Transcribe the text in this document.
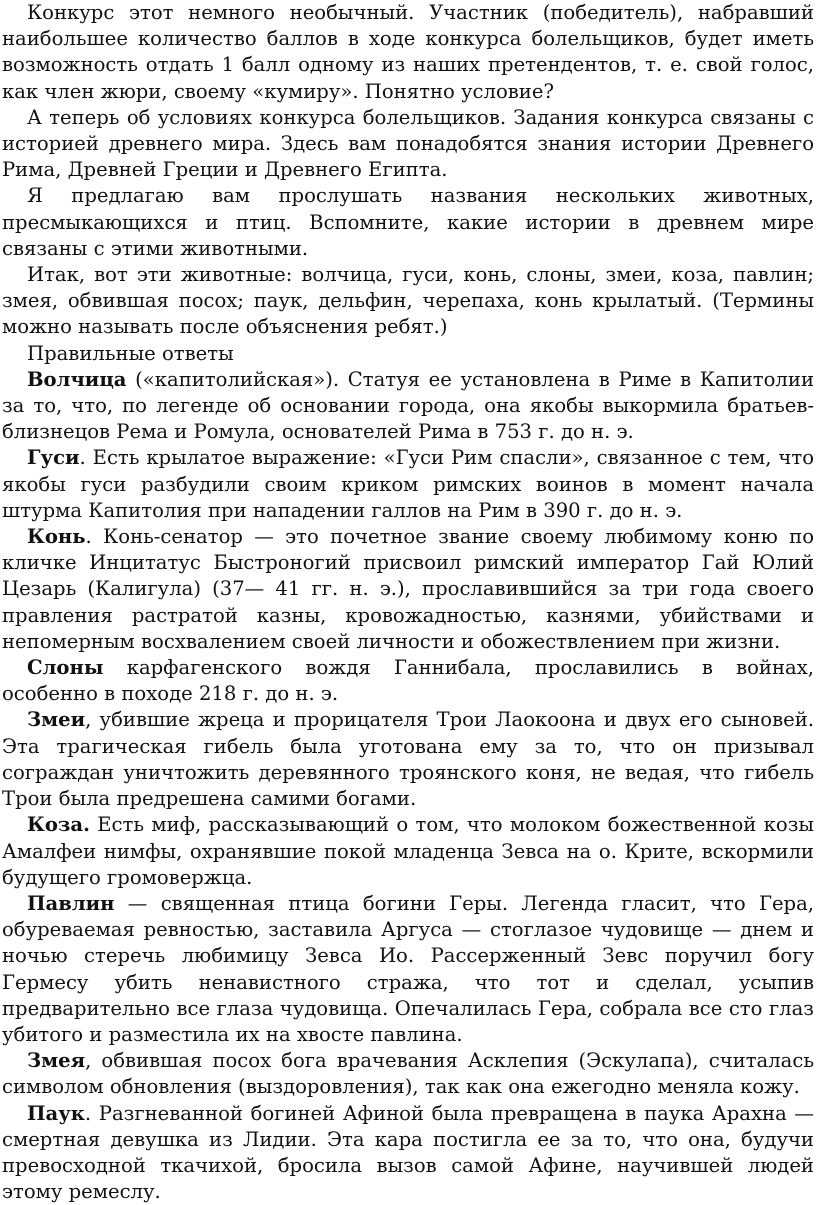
Конкурс этот немного необычный. Участник (победитель), набравший наибольшее количество баллов в ходе конкурса болельщиков, будет иметь возможность отдать 1 балл одному из наших претендентов, т. е. свой голос, как член жюри, своему «кумиру». Понятно условие?

А теперь об условиях конкурса болельщиков. Задания конкурса связаны с историей древнего мира. Здесь вам понадобятся знания истории Древнего Рима, Древней Греции и Древнего Египта.

Я предлагаю вам прослушать названия нескольких животных, пресмыкающихся и птиц. Вспомните, какие истории в древнем мире связаны с этими животными.

Итак, вот эти животные: волчица, гуси, конь, слоны, змеи, коза, павлин; змея, обвившая посох; паук, дельфин, черепаха, конь крылатый. (Термины можно называть после объяснения ребят.)

Правильные ответы

Волчица («капитолийская»). Статуя ее установлена в Риме в Капитолии за то, что, по легенде об основании города, она якобы выкормила братьев-близнецов Рема и Ромула, основателей Рима в 753 г. до н. э.

Гуси. Есть крылатое выражение: «Гуси Рим спасли», связанное с тем, что якобы гуси разбудили своим криком римских воинов в момент начала штурма Капитолия при нападении галлов на Рим в 390 г. до н. э.

Конь. Конь-сенатор — это почетное звание своему любимому коню по кличке Инцитатус Быстроногий присвоил римский император Гай Юлий Цезарь (Калигула) (37— 41 гг. н. э.), прославившийся за три года своего правления растратой казны, кровожадностью, казнями, убийствами и непомерным восхвалением своей личности и обожествлением при жизни.

Слоны карфагенского вождя Ганнибала, прославились в войнах, особенно в походе 218 г. до н. э.

Змеи, убившие жреца и прорицателя Трои Лаокоона и двух его сыновей. Эта трагическая гибель была уготована ему за то, что он призывал сограждан уничтожить деревянного троянского коня, не ведая, что гибель Трои была предрешена самими богами.

Коза. Есть миф, рассказывающий о том, что молоком божественной козы Амалфеи нимфы, охранявшие покой младенца Зевса на о. Крите, вскормили будущего громовержца.

Павлин — священная птица богини Геры. Легенда гласит, что Гера, обуреваемая ревностью, заставила Аргуса — стоглазое чудовище — днем и ночью стеречь любимицу Зевса Ио. Рассерженный Зевс поручил богу Гермесу убить ненавистного стража, что тот и сделал, усыпив предварительно все глаза чудовища. Опечалилась Гера, собрала все сто глаз убитого и разместила их на хвосте павлина.

Змея, обвившая посох бога врачевания Асклепия (Эскулапа), считалась символом обновления (выздоровления), так как она ежегодно меняла кожу.

Паук. Разгневанной богиней Афиной была превращена в паука Арахна — смертная девушка из Лидии. Эта кара постигла ее за то, что она, будучи превосходной ткачихой, бросила вызов самой Афине, научившей людей этому ремеслу.
